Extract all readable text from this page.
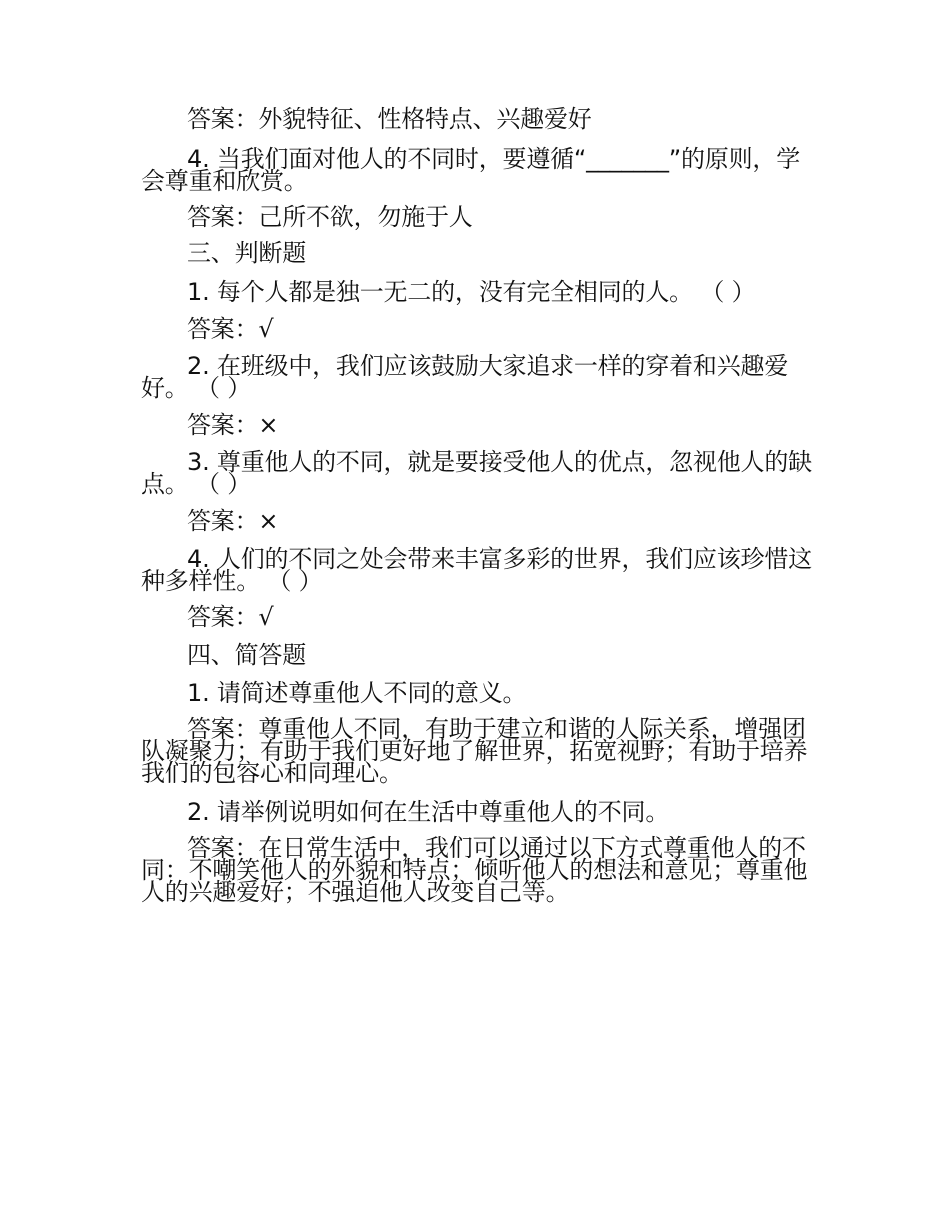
答案：外貌特征、性格特点、兴趣爱好

4. 当我们面对他人的不同时，要遵循“_______”的原则，学会尊重和欣赏。

答案：己所不欲，勿施于人

三、判断题

1. 每个人都是独一无二的，没有完全相同的人。 （ ）

答案：√

2. 在班级中，我们应该鼓励大家追求一样的穿着和兴趣爱好。 （ ）

答案：×

3. 尊重他人的不同，就是要接受他人的优点，忽视他人的缺点。 （ ）

答案：×

4. 人们的不同之处会带来丰富多彩的世界，我们应该珍惜这种多样性。 （ ）

答案：√

四、简答题

1. 请简述尊重他人不同的意义。

答案：尊重他人不同，有助于建立和谐的人际关系，增强团队凝聚力；有助于我们更好地了解世界，拓宽视野；有助于培养我们的包容心和同理心。

2. 请举例说明如何在生活中尊重他人的不同。

答案：在日常生活中，我们可以通过以下方式尊重他人的不同：不嘲笑他人的外貌和特点；倾听他人的想法和意见；尊重他人的兴趣爱好；不强迫他人改变自己等。
